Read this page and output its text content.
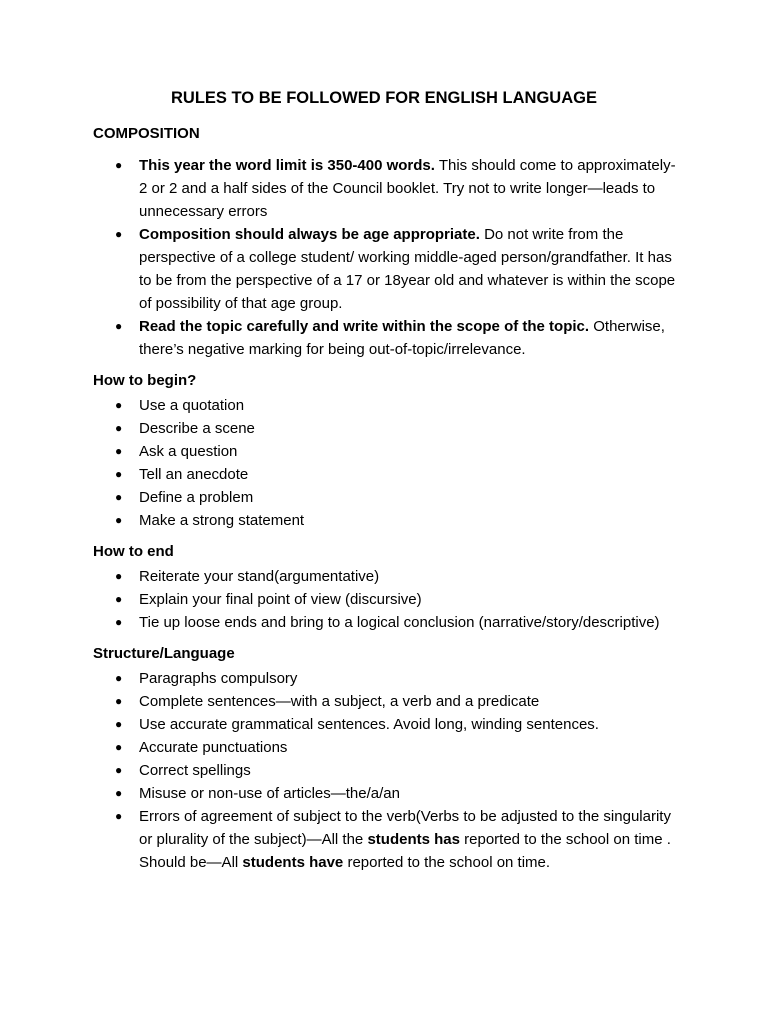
RULES TO BE FOLLOWED FOR ENGLISH LANGUAGE
COMPOSITION
● This year the word limit is 350-400 words. This should come to approximately-2 or 2 and a half sides of the Council booklet. Try not to write longer—leads to unnecessary errors
● Composition should always be age appropriate. Do not write from the perspective of a college student/ working middle-aged person/grandfather. It has to be from the perspective of a 17 or 18year old and whatever is within the scope of possibility of that age group.
● Read the topic carefully and write within the scope of the topic. Otherwise, there’s negative marking for being out-of-topic/irrelevance.
How to begin?
● Use a quotation
● Describe a scene
● Ask a question
● Tell an anecdote
● Define a problem
● Make a strong statement
How to end
● Reiterate your stand(argumentative)
● Explain your final point of view (discursive)
● Tie up loose ends and bring to a logical conclusion (narrative/story/descriptive)
Structure/Language
● Paragraphs compulsory
● Complete sentences—with a subject, a verb and a predicate
● Use accurate grammatical sentences. Avoid long, winding sentences.
● Accurate punctuations
● Correct spellings
● Misuse or non-use of articles—the/a/an
● Errors of agreement of subject to the verb(Verbs to be adjusted to the singularity or plurality of the subject)—All the students has reported to the school on time . Should be—All students have reported to the school on time.
